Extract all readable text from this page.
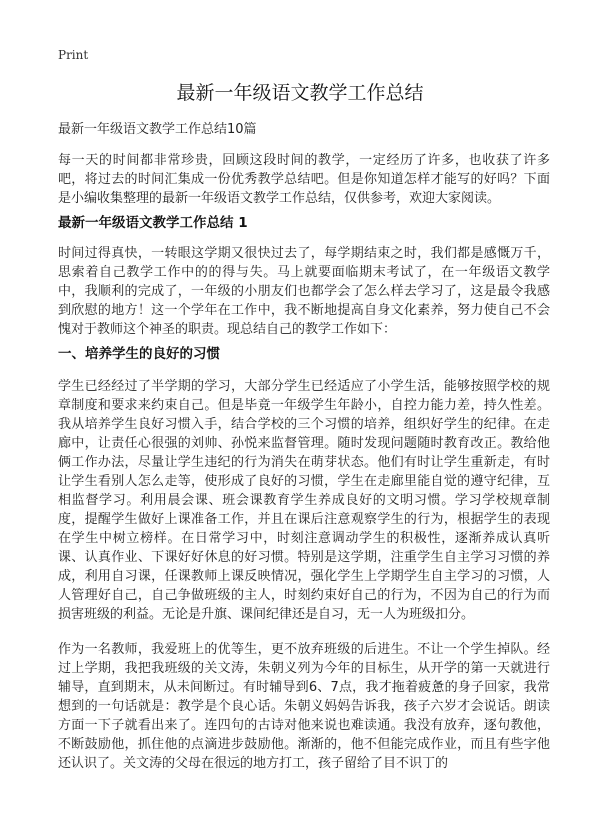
Print
最新一年级语文教学工作总结

最新一年级语文教学工作总结10篇

每一天的时间都非常珍贵，回顾这段时间的教学，一定经历了许多，也收获了许多吧，将过去的时间汇集成一份优秀教学总结吧。但是你知道怎样才能写的好吗？下面是小编收集整理的最新一年级语文教学工作总结，仅供参考，欢迎大家阅读。

最新一年级语文教学工作总结 1

时间过得真快，一转眼这学期又很快过去了，每学期结束之时，我们都是感慨万千，思索着自己教学工作中的的得与失。马上就要面临期末考试了，在一年级语文教学中，我顺利的完成了，一年级的小朋友们也都学会了怎么样去学习了，这是最令我感到欣慰的地方！这一个学年在工作中，我不断地提高自身文化素养，努力使自己不会愧对于教师这个神圣的职责。现总结自己的教学工作如下：

一、培养学生的良好的习惯

学生已经经过了半学期的学习，大部分学生已经适应了小学生活，能够按照学校的规章制度和要求来约束自己。但是毕竟一年级学生年龄小，自控力能力差，持久性差。我从培养学生良好习惯入手，结合学校的三个习惯的培养，组织好学生的纪律。在走廊中，让责任心很强的刘帅、孙悦来监督管理。随时发现问题随时教育改正。教给他俩工作办法，尽量让学生违纪的行为消失在萌芽状态。他们有时让学生重新走，有时让学生看别人怎么走等，使形成了良好的习惯，学生在走廊里能自觉的遵守纪律，互相监督学习。利用晨会课、班会课教育学生养成良好的文明习惯。学习学校规章制度，提醒学生做好上课准备工作，并且在课后注意观察学生的行为，根据学生的表现在学生中树立榜样。在日常学习中，时刻注意调动学生的积极性，逐渐养成认真听课、认真作业、下课好好休息的好习惯。特别是这学期，注重学生自主学习习惯的养成，利用自习课，任课教师上课反映情况，强化学生上学期学生自主学习的习惯，人人管理好自己，自己争做班级的主人，时刻约束好自己的行为，不因为自己的行为而损害班级的利益。无论是升旗、课间纪律还是自习，无一人为班级扣分。

作为一名教师，我爱班上的优等生，更不放弃班级的后进生。不让一个学生掉队。经过上学期，我把我班级的关文涛，朱朝义列为今年的目标生，从开学的第一天就进行辅导，直到期末，从未间断过。有时辅导到6、7点，我才拖着疲惫的身子回家，我常想到的一句话就是：教学是个良心话。朱朝义妈妈告诉我，孩子六岁才会说话。朗读方面一下子就看出来了。连四句的古诗对他来说也难读通。我没有放弃，逐句教他，不断鼓励他，抓住他的点滴进步鼓励他。渐渐的，他不但能完成作业，而且有些字他还认识了。关文涛的父母在很远的地方打工，孩子留给了目不识丁的
